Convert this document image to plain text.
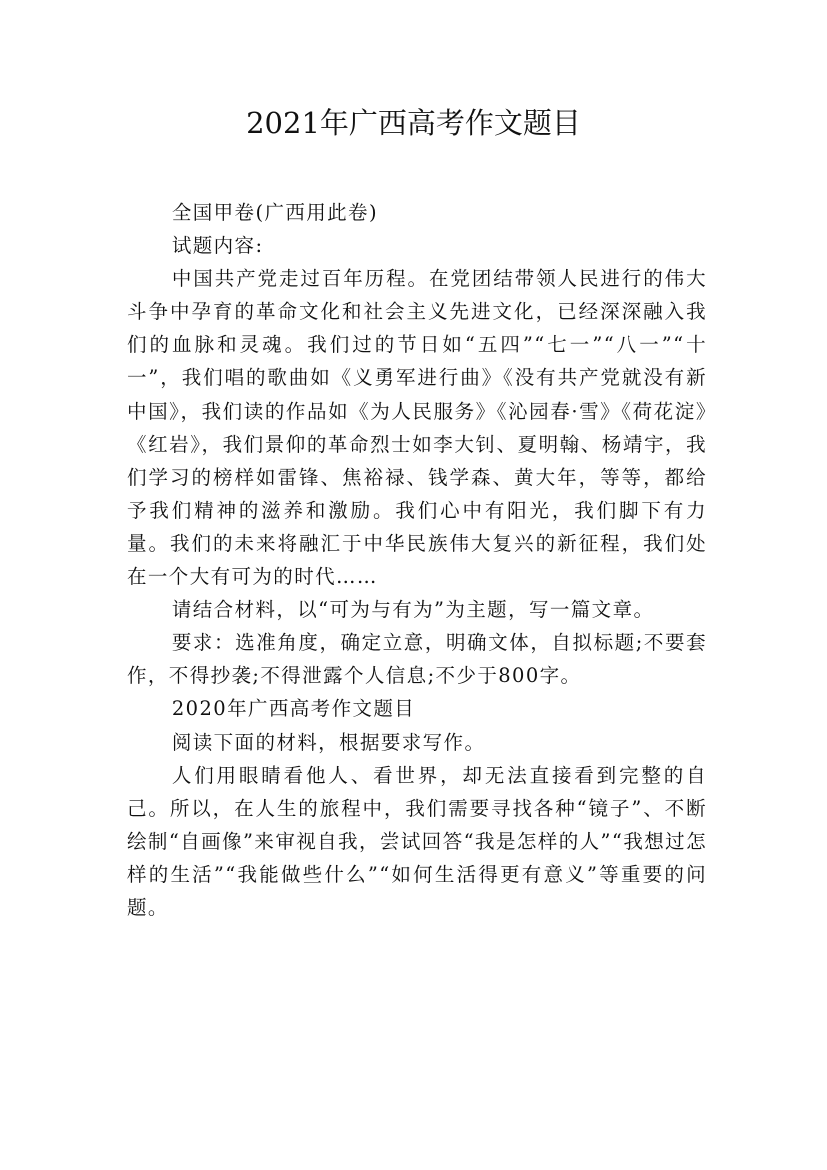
2021年广西高考作文题目

全国甲卷(广西用此卷)

试题内容:

中国共产党走过百年历程。在党团结带领人民进行的伟大斗争中孕育的革命文化和社会主义先进文化，已经深深融入我们的血脉和灵魂。我们过的节日如“五四”“七一”“八一”“十一”，我们唱的歌曲如《义勇军进行曲》《没有共产党就没有新中国》，我们读的作品如《为人民服务》《沁园春·雪》《荷花淀》《红岩》，我们景仰的革命烈士如李大钊、夏明翰、杨靖宇，我们学习的榜样如雷锋、焦裕禄、钱学森、黄大年，等等，都给予我们精神的滋养和激励。我们心中有阳光，我们脚下有力量。我们的未来将融汇于中华民族伟大复兴的新征程，我们处在一个大有可为的时代……

请结合材料，以“可为与有为”为主题，写一篇文章。

要求：选准角度，确定立意，明确文体，自拟标题;不要套作，不得抄袭;不得泄露个人信息;不少于800字。

2020年广西高考作文题目

阅读下面的材料，根据要求写作。

人们用眼睛看他人、看世界，却无法直接看到完整的自己。所以，在人生的旅程中，我们需要寻找各种“镜子”、不断绘制“自画像”来审视自我，尝试回答“我是怎样的人”“我想过怎样的生活”“我能做些什么”“如何生活得更有意义”等重要的问题。
